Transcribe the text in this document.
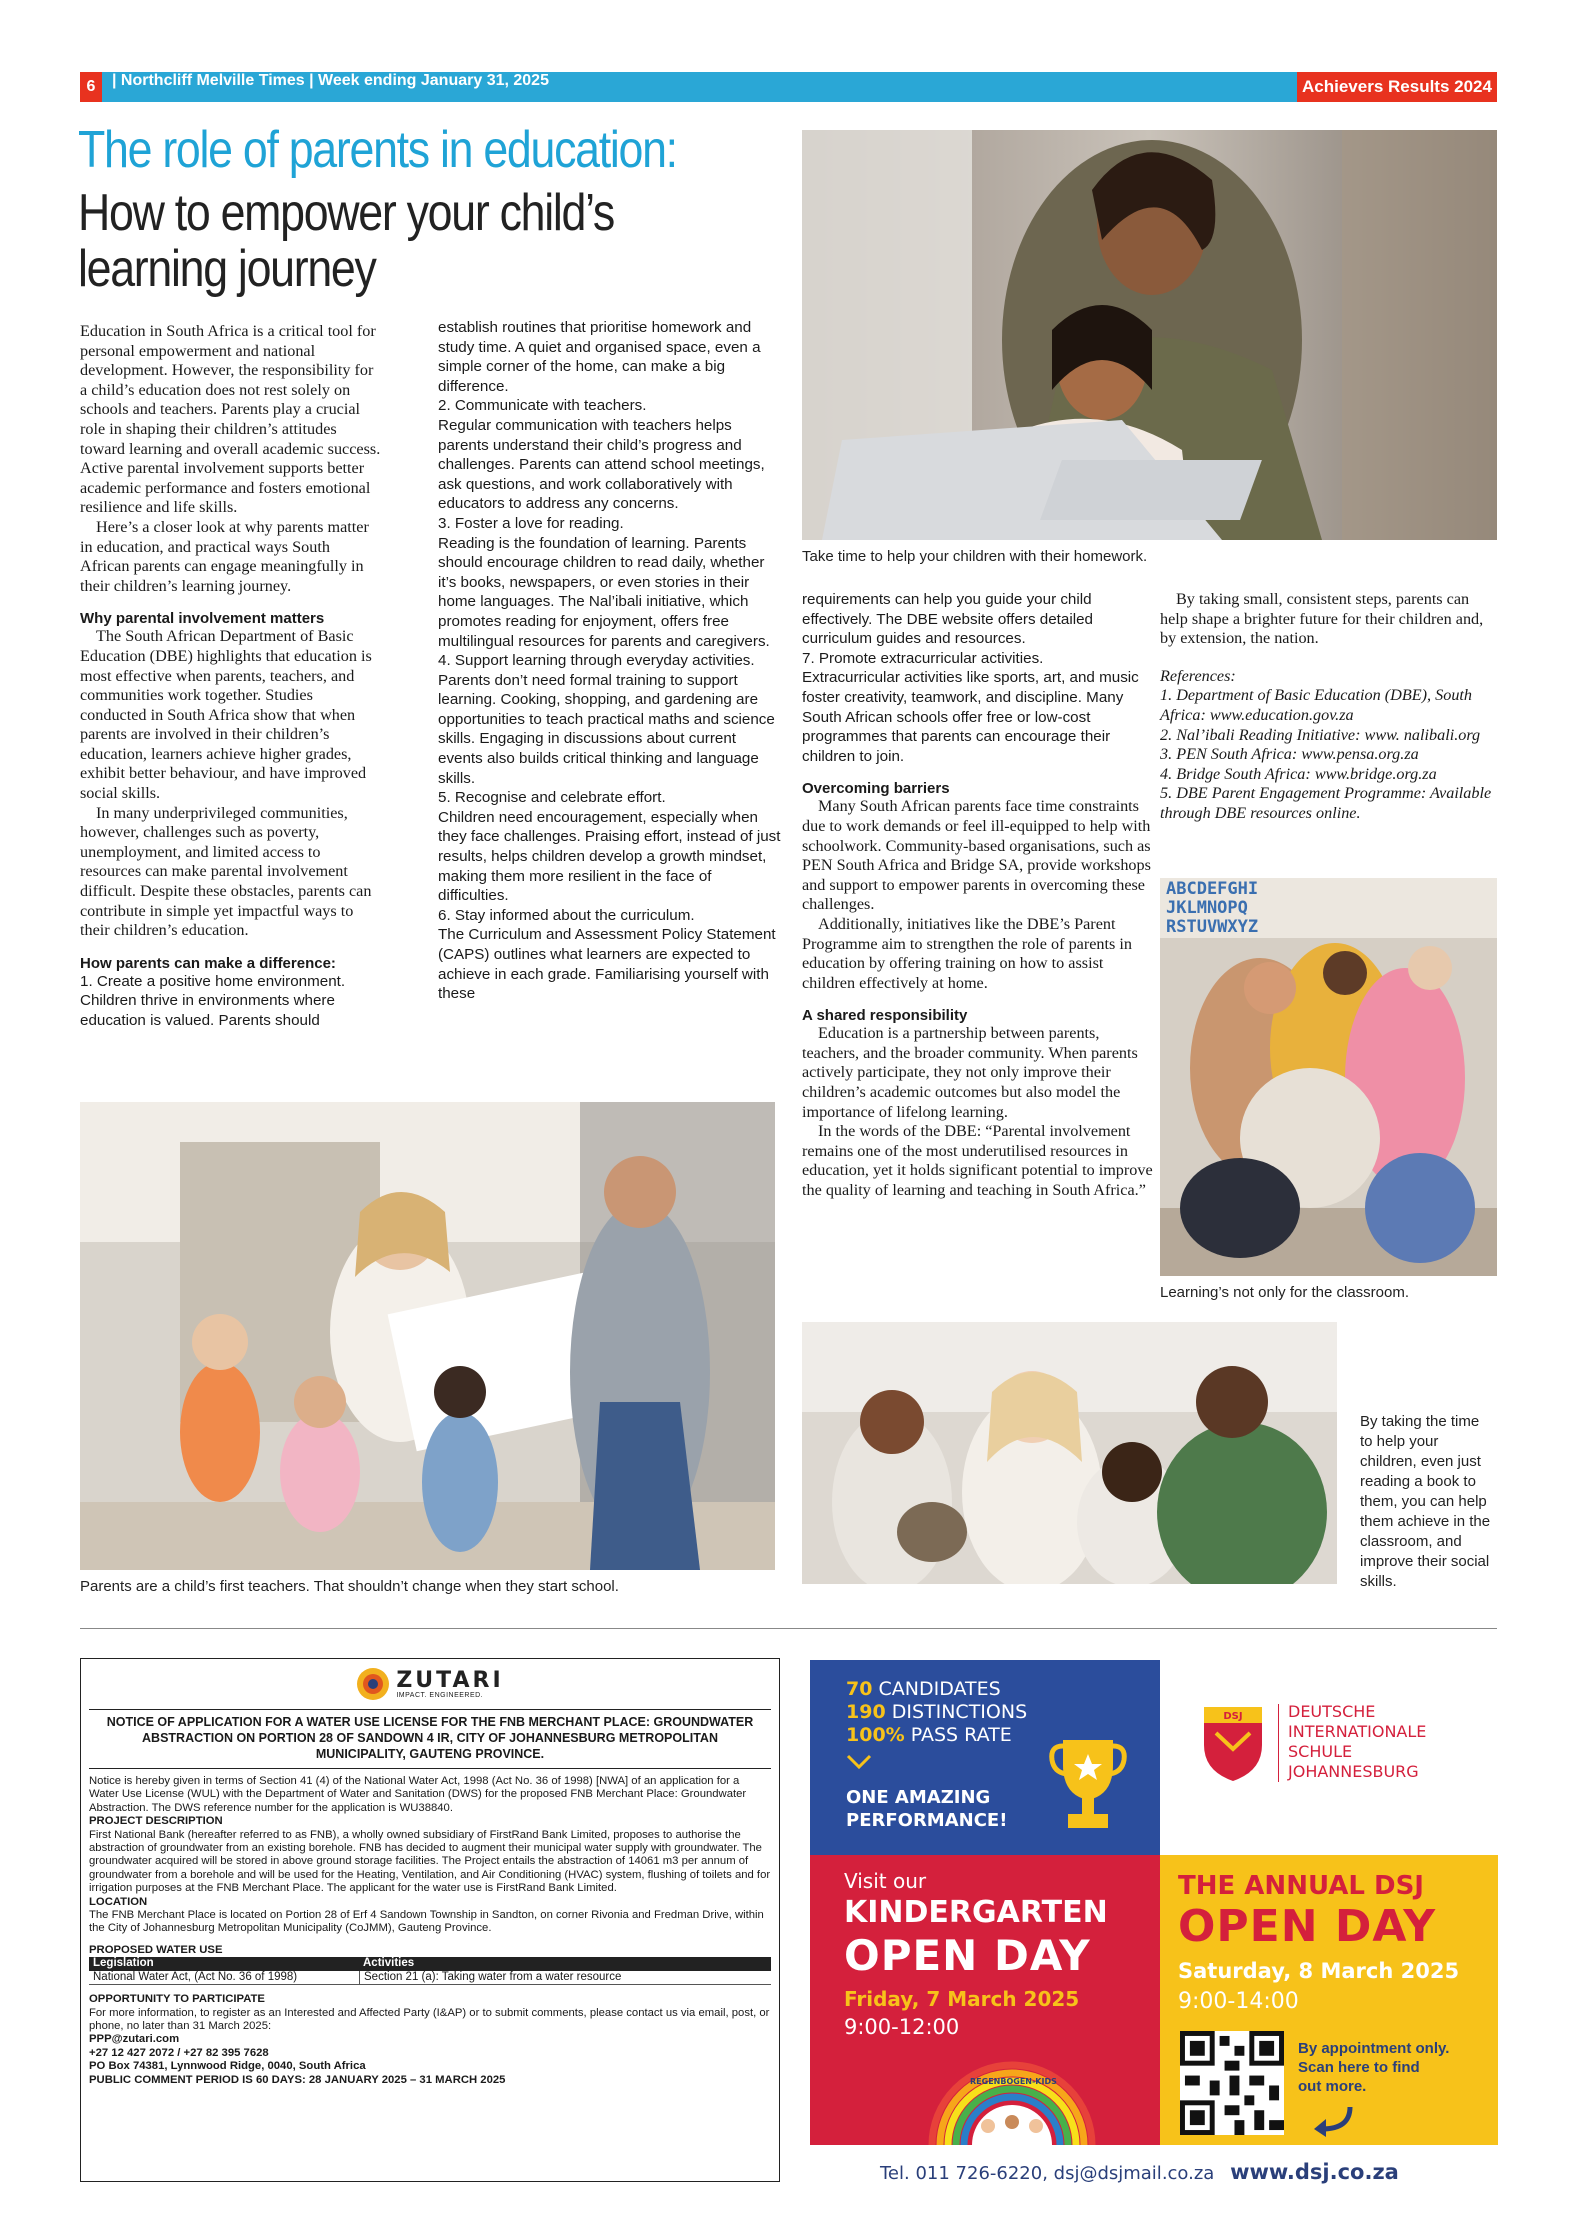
6	| Northcliff Melville Times | Week ending January 31, 2025	Achievers Results 2024
The role of parents in education:
How to empower your child’s learning journey

Education in South Africa is a critical tool for personal empowerment and national development. However, the responsibility for a child’s education does not rest solely on schools and teachers. Parents play a crucial role in shaping their children’s attitudes toward learning and overall academic success. Active parental involvement supports better academic performance and fosters emotional resilience and life skills.

Here’s a closer look at why parents matter in education, and practical ways South African parents can engage meaningfully in their children’s learning journey.

Why parental involvement matters

The South African Department of Basic Education (DBE) highlights that education is most effective when parents, teachers, and communities work together. Studies conducted in South Africa show that when parents are involved in their children’s education, learners achieve higher grades, exhibit better behaviour, and have improved social skills.

In many underprivileged communities, however, challenges such as poverty, unemployment, and limited access to resources can make parental involvement difficult. Despite these obstacles, parents can contribute in simple yet impactful ways to their children’s education.

How parents can make a difference:

1. Create a positive home environment. Children thrive in environments where education is valued. Parents should

establish routines that prioritise homework and study time. A quiet and organised space, even a simple corner of the home, can make a big difference.

2. Communicate with teachers.

Regular communication with teachers helps parents understand their child’s progress and challenges. Parents can attend school meetings, ask questions, and work collaboratively with educators to address any concerns.

3. Foster a love for reading.

Reading is the foundation of learning. Parents should encourage children to read daily, whether it’s books, newspapers, or even stories in their home languages. The Nal’ibali initiative, which promotes reading for enjoyment, offers free multilingual resources for parents and caregivers.

4. Support learning through everyday activities.

Parents don’t need formal training to support learning. Cooking, shopping, and gardening are opportunities to teach practical maths and science skills. Engaging in discussions about current events also builds critical thinking and language skills.

5. Recognise and celebrate effort.

Children need encouragement, especially when they face challenges. Praising effort, instead of just results, helps children develop a growth mindset, making them more resilient in the face of difficulties.

6. Stay informed about the curriculum.

The Curriculum and Assessment Policy Statement (CAPS) outlines what learners are expected to achieve in each grade. Familiarising yourself with these

Take time to help your children with their homework.

requirements can help you guide your child effectively. The DBE website offers detailed curriculum guides and resources.

7. Promote extracurricular activities.

Extracurricular activities like sports, art, and music foster creativity, teamwork, and discipline. Many South African schools offer free or low-cost programmes that parents can encourage their children to join.

Overcoming barriers

Many South African parents face time constraints due to work demands or feel ill-equipped to help with schoolwork. Community-based organisations, such as PEN South Africa and Bridge SA, provide workshops and support to empower parents in overcoming these challenges.

Additionally, initiatives like the DBE’s Parent Programme aim to strengthen the role of parents in education by offering training on how to assist children effectively at home.

A shared responsibility

Education is a partnership between parents, teachers, and the broader community. When parents actively participate, they not only improve their children’s academic outcomes but also model the importance of lifelong learning.

In the words of the DBE: “Parental involvement remains one of the most underutilised resources in education, yet it holds significant potential to improve the quality of learning and teaching in South Africa.”

By taking small, consistent steps, parents can help shape a brighter future for their children and, by extension, the nation.

References:

1. Department of Basic Education (DBE), South Africa: www.education.gov.za

2. Nal’ibali Reading Initiative: www. nalibali.org

3. PEN South Africa: www.pensa.org.za

4. Bridge South Africa: www.bridge.org.za

5. DBE Parent Engagement Programme: Available through DBE resources online.

ABCDEFGHI
JKLMNOPQ
RSTUVWXYZ
Learning’s not only for the classroom.
Parents are a child’s first teachers. That shouldn’t change when they start school.
By taking the time to help your children, even just reading a book to them, you can help them achieve in the classroom, and improve their social skills.
ZUTARI
IMPACT. ENGINEERED.
NOTICE OF APPLICATION FOR A WATER USE LICENSE FOR THE FNB MERCHANT PLACE: GROUNDWATER ABSTRACTION ON PORTION 28 OF SANDOWN 4 IR, CITY OF JOHANNESBURG METROPOLITAN MUNICIPALITY, GAUTENG PROVINCE.
Notice is hereby given in terms of Section 41 (4) of the National Water Act, 1998 (Act No. 36 of 1998) [NWA] of an application for a Water Use License (WUL) with the Department of Water and Sanitation (DWS) for the proposed FNB Merchant Place: Groundwater Abstraction. The DWS reference number for the application is WU38840.
PROJECT DESCRIPTION
First National Bank (hereafter referred to as FNB), a wholly owned subsidiary of FirstRand Bank Limited, proposes to authorise the abstraction of groundwater from an existing borehole. FNB has decided to augment their municipal water supply with groundwater. The groundwater acquired will be stored in above ground storage facilities. The Project entails the abstraction of 14061 m3 per annum of groundwater from a borehole and will be used for the Heating, Ventilation, and Air Conditioning (HVAC) system, flushing of toilets and for irrigation purposes at the FNB Merchant Place. The applicant for the water use is FirstRand Bank Limited.
LOCATION
The FNB Merchant Place is located on Portion 28 of Erf 4 Sandown Township in Sandton, on corner Rivonia and Fredman Drive, within the City of Johannesburg Metropolitan Municipality (CoJMM), Gauteng Province.
PROPOSED WATER USE
Legislation	Activities
National Water Act, (Act No. 36 of 1998)	Section 21 (a): Taking water from a water resource
OPPORTUNITY TO PARTICIPATE
For more information, to register as an Interested and Affected Party (I&AP) or to submit comments, please contact us via email, post, or phone, no later than 31 March 2025:
PPP@zutari.com
+27 12 427 2072 / +27 82 395 7628
PO Box 74381, Lynnwood Ridge, 0040, South Africa
PUBLIC COMMENT PERIOD IS 60 DAYS: 28 JANUARY 2025 – 31 MARCH 2025
70 CANDIDATES
190 DISTINCTIONS
100% PASS RATE
ONE AMAZING
PERFORMANCE!
DSJ	DEUTSCHE
INTERNATIONALE
SCHULE
JOHANNESBURG
Visit our
KINDERGARTEN
OPEN DAY
Friday, 7 March 2025
9:00-12:00
REGENBOGEN-KIDS
THE ANNUAL DSJ
OPEN DAY
Saturday, 8 March 2025
9:00-14:00
By appointment only.
Scan here to find
out more.
Tel. 011 726-6220, dsj@dsjmail.co.za www.dsj.co.za
